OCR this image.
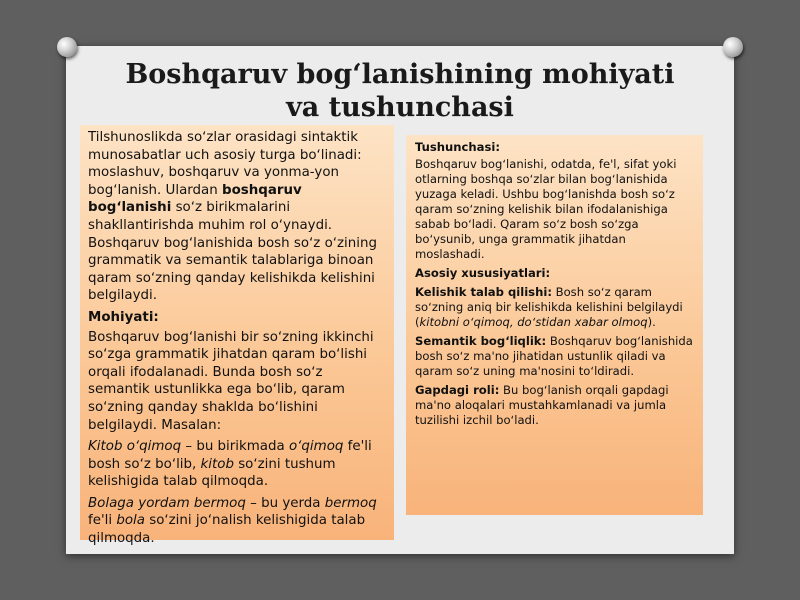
Boshqaruv bogʻlanishining mohiyati
va tushunchasi

Tilshunoslikda soʻzlar orasidagi sintaktik munosabatlar uch asosiy turga boʻlinadi: moslashuv, boshqaruv va yonma-yon bogʻlanish. Ulardan boshqaruv bogʻlanishi soʻz birikmalarini shakllantirishda muhim rol oʻynaydi. Boshqaruv bogʻlanishida bosh soʻz oʻzining grammatik va semantik talablariga binoan qaram soʻzning qanday kelishikda kelishini belgilaydi.

Mohiyati:

Boshqaruv bogʻlanishi bir soʻzning ikkinchi soʻzga grammatik jihatdan qaram boʻlishi orqali ifodalanadi. Bunda bosh soʻz semantik ustunlikka ega boʻlib, qaram soʻzning qanday shaklda boʻlishini belgilaydi. Masalan:

Kitob oʻqimoq – bu birikmada oʻqimoq fe'li bosh soʻz boʻlib, kitob soʻzini tushum kelishigida talab qilmoqda.

Bolaga yordam bermoq – bu yerda bermoq fe'li bola soʻzini joʻnalish kelishigida talab qilmoqda.

Tushunchasi:

Boshqaruv bogʻlanishi, odatda, fe'l, sifat yoki otlarning boshqa soʻzlar bilan bogʻlanishida yuzaga keladi. Ushbu bogʻlanishda bosh soʻz qaram soʻzning kelishik bilan ifodalanishiga sabab boʻladi. Qaram soʻz bosh soʻzga boʻysunib, unga grammatik jihatdan moslashadi.

Asosiy xususiyatlari:

Kelishik talab qilishi: Bosh soʻz qaram soʻzning aniq bir kelishikda kelishini belgilaydi (kitobni oʻqimoq, doʻstidan xabar olmoq).

Semantik bogʻliqlik: Boshqaruv bogʻlanishida bosh soʻz ma'no jihatidan ustunlik qiladi va qaram soʻz uning ma'nosini toʻldiradi.

Gapdagi roli: Bu bogʻlanish orqali gapdagi ma'no aloqalari mustahkamlanadi va jumla tuzilishi izchil boʻladi.
